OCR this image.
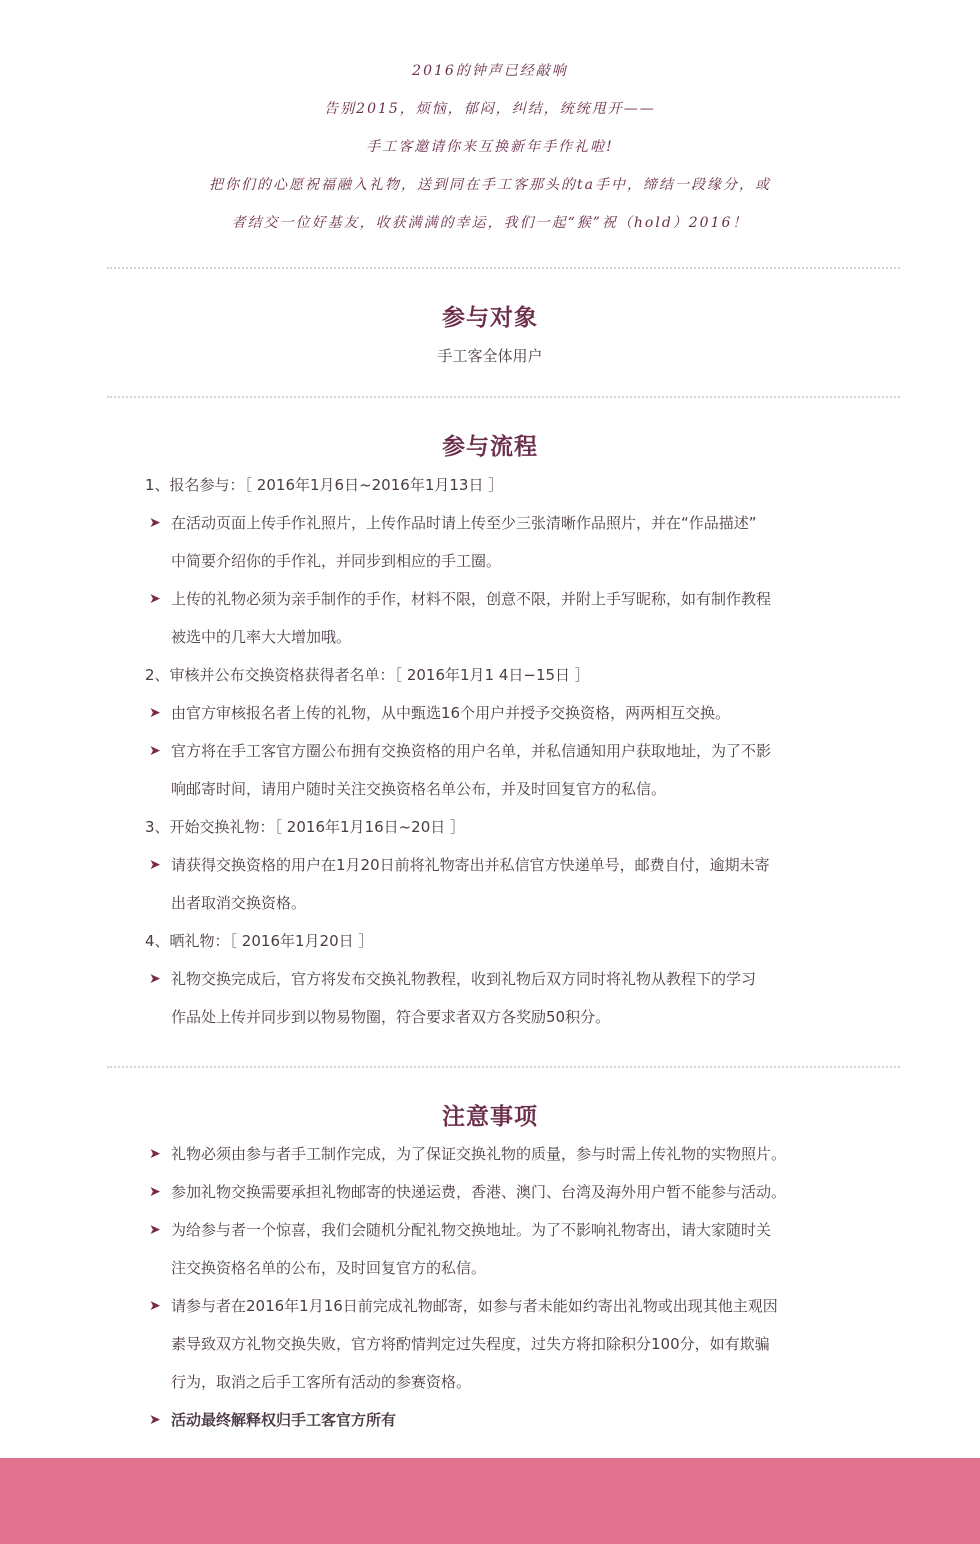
2016的钟声已经敲响
告别2015，烦恼，郁闷，纠结，统统甩开——
手工客邀请你来互换新年手作礼啦!
把你们的心愿祝福融入礼物，送到同在手工客那头的ta手中，缔结一段缘分，或
者结交一位好基友，收获满满的幸运，我们一起“猴”祝（hold）2016！
参与对象
手工客全体用户
参与流程
1、报名参与：［ 2016年1月6日~2016年1月13日 ］
➤ 在活动页面上传手作礼照片，上传作品时请上传至少三张清晰作品照片，并在“作品描述”
中简要介绍你的手作礼，并同步到相应的手工圈。
➤ 上传的礼物必须为亲手制作的手作，材料不限，创意不限，并附上手写昵称，如有制作教程
被选中的几率大大增加哦。
2、审核并公布交换资格获得者名单：［ 2016年1月1 4日−15日 ］
➤ 由官方审核报名者上传的礼物，从中甄选16个用户并授予交换资格，两两相互交换。
➤ 官方将在手工客官方圈公布拥有交换资格的用户名单，并私信通知用户获取地址，为了不影
响邮寄时间，请用户随时关注交换资格名单公布，并及时回复官方的私信。
3、开始交换礼物：［ 2016年1月16日~20日 ］
➤ 请获得交换资格的用户在1月20日前将礼物寄出并私信官方快递单号，邮费自付，逾期未寄
出者取消交换资格。
4、晒礼物：［ 2016年1月20日 ］
➤ 礼物交换完成后，官方将发布交换礼物教程，收到礼物后双方同时将礼物从教程下的学习
作品处上传并同步到以物易物圈，符合要求者双方各奖励50积分。
注意事项
➤ 礼物必须由参与者手工制作完成，为了保证交换礼物的质量，参与时需上传礼物的实物照片。
➤ 参加礼物交换需要承担礼物邮寄的快递运费，香港、澳门、台湾及海外用户暂不能参与活动。
➤ 为给参与者一个惊喜，我们会随机分配礼物交换地址。为了不影响礼物寄出，请大家随时关
注交换资格名单的公布，及时回复官方的私信。
➤ 请参与者在2016年1月16日前完成礼物邮寄，如参与者未能如约寄出礼物或出现其他主观因
素导致双方礼物交换失败，官方将酌情判定过失程度，过失方将扣除积分100分，如有欺骗
行为，取消之后手工客所有活动的参赛资格。
➤ 活动最终解释权归手工客官方所有
